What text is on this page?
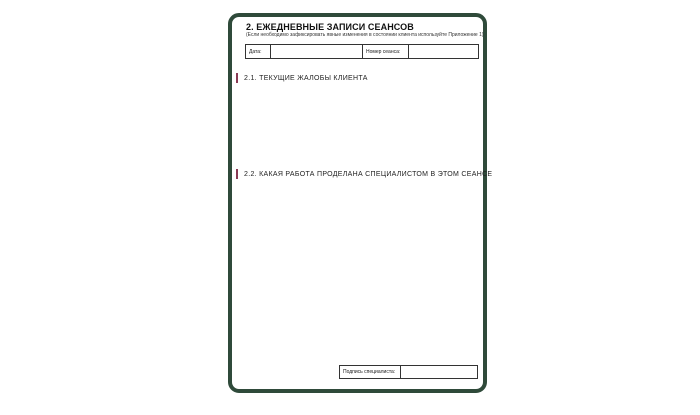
2. ЕЖЕДНЕВНЫЕ ЗАПИСИ СЕАНСОВ
(Если необходимо зафиксировать явные изменения в состоянии клиента используйте Приложение 1)
Дата:	Номер сеанса:
2.1. ТЕКУЩИЕ ЖАЛОБЫ КЛИЕНТА
2.2. КАКАЯ РАБОТА ПРОДЕЛАНА СПЕЦИАЛИСТОМ В ЭТОМ СЕАНСЕ
Подпись специалиста:
